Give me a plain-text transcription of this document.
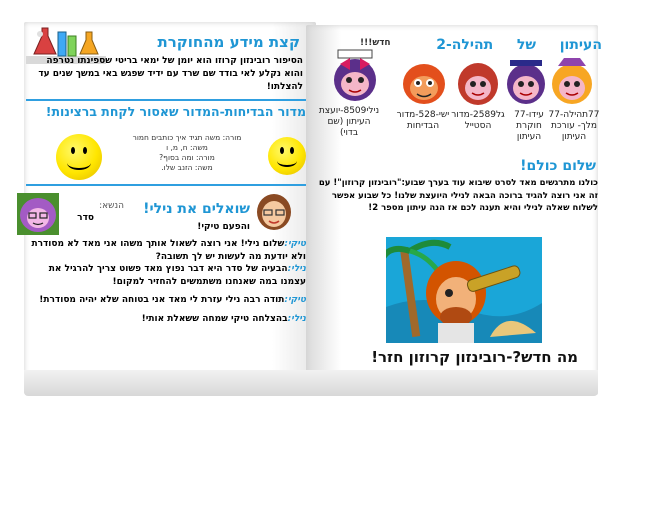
קצת מידע מהחוקרת
הסיפור רובינזון קרוזו הוא יומן של ימאי בריטי שספינתו נטרפה והוא נקלע לאי בודד שם שרד עם ידיד שפגש באי במשך שנים עד להצלתו!
מדור הבדיחות-המדור שאסור לקחת ברצינות!
מורה: משה תגיד איך כותבים חמור
משה: ח, מ, ו
מורה: ומה בסוף?
משה: הזנב שלו.
שואלים את נילי!
והפעם טיקי!
הנשא:
סדר
טיקי:שלום נילי! אני רוצה לשאול אותך משהו אני מאד לא מסודרת ולא יודעת מה לעשות יש לך תשובה?
נילי:הבעיה של סדר היא דבר נפוץ מאד פשוט צריך להרגיל את עצמנו במה שאנחנו משתמשים להחזיר למקום!
טיקי:תודה רבה נילי עזרת לי מאד אני בטוחה שלא יהיה מסודרת!
נילי:בהצלחה טיקי שמחה ששאלת אותי!
העיתון  של  תהילה-2
חדש!!!
77תהילה-77 מלך- עורכת העיתון
עידו-77 חוקרת העיתון
גל2589-מדור הסטייל
ישי-528-מדור הבדיחות
נילי8509-יועצת העיתון (שם בדוי)
שלום כולם!
כולנו מתרגשים מאד לסרט שיבוא עוד בערך שבוע:"רובינזון קרוזון"! עם זה אני רוצה להגיד ברוכה הבאה לנילי היועצת שלנו! כל שבוע אפשר לשלוח שאלה לנילי והיא תענה לכם אז הנה עיתון מספר 2!
מה חדש?-רובינזון קרוזון חזר!
